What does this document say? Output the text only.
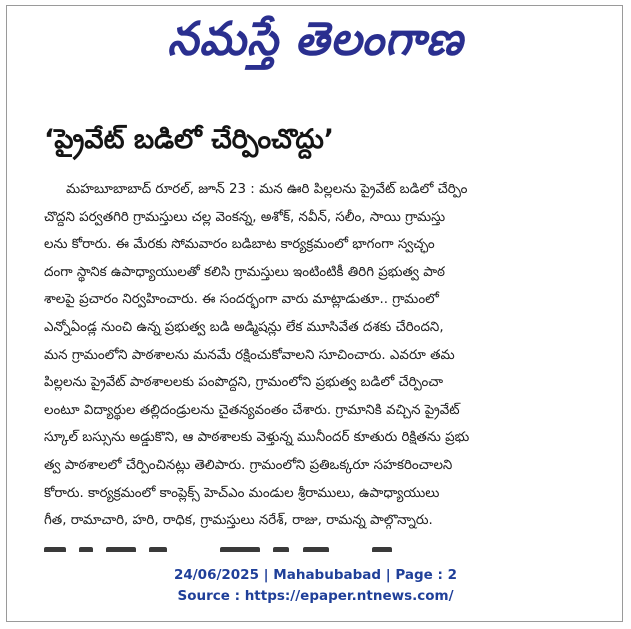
నమస్తే తెలంగాణ
‘ప్రైవేట్ బడిలో చేర్పించొద్దు’
మహబూబాబాద్ రూరల్, జూన్ 23 : మన ఊరి పిల్లలను ప్రైవేట్ బడిలో చేర్పిం
చొద్దని పర్వతగిరి గ్రామస్తులు చల్ల వెంకన్న, అశోక్, నవీన్, సలీం, సాయి గ్రామస్తు
లను కోరారు. ఈ మేరకు సోమవారం బడిబాట కార్యక్రమంలో భాగంగా స్వచ్ఛం
దంగా స్థానిక ఉపాధ్యాయులతో కలిసి గ్రామస్తులు ఇంటింటికీ తిరిగి ప్రభుత్వ పాఠ
శాలపై ప్రచారం నిర్వహించారు. ఈ సందర్భంగా వారు మాట్లాడుతూ.. గ్రామంలో
ఎన్నోఏండ్ల నుంచి ఉన్న ప్రభుత్వ బడి అడ్మిషన్లు లేక మూసివేత దశకు చేరిందని,
మన గ్రామంలోని పాఠశాలను మనమే రక్షించుకోవాలని సూచించారు. ఎవరూ తమ
పిల్లలను ప్రైవేట్ పాఠశాలలకు పంపొద్దని, గ్రామంలోని ప్రభుత్వ బడిలో చేర్పించా
లంటూ విద్యార్థుల తల్లిదండ్రులను చైతన్యవంతం చేశారు. గ్రామానికి వచ్చిన ప్రైవేట్
స్కూల్ బస్సును అడ్డుకొని, ఆ పాఠశాలకు వెళ్తున్న మునీందర్ కూతురు రిక్షితను ప్రభు
త్వ పాఠశాలలో చేర్పించినట్లు తెలిపారు. గ్రామంలోని ప్రతిఒక్కరూ సహకరించాలని
కోరారు. కార్యక్రమంలో కాంప్లెక్స్ హెచ్ఎం మండుల శ్రీరాములు, ఉపాధ్యాయులు
గీత, రామాచారి, హరి, రాధిక, గ్రామస్తులు నరేశ్, రాజు, రామన్న పాల్గొన్నారు.

24/06/2025 | Mahabubabad | Page : 2
Source : https://epaper.ntnews.com/
